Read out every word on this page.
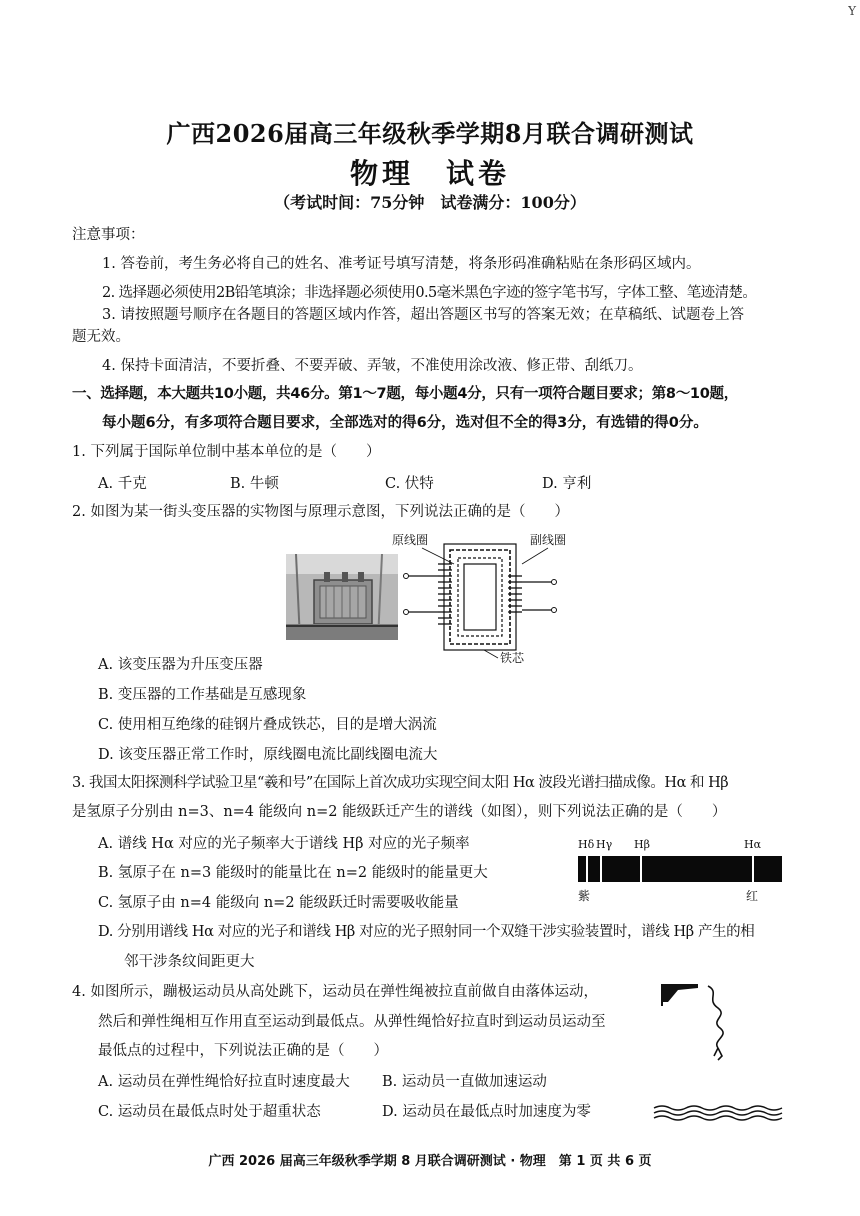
Y
广西2026届高三年级秋季学期8月联合调研测试
物理　试卷
（考试时间：75分钟　试卷满分：100分）
注意事项：
1. 答卷前，考生务必将自己的姓名、准考证号填写清楚，将条形码准确粘贴在条形码区域内。
2. 选择题必须使用2B铅笔填涂；非选择题必须使用0.5毫米黑色字迹的签字笔书写，字体工整、笔迹清楚。
3. 请按照题号顺序在各题目的答题区域内作答，超出答题区书写的答案无效；在草稿纸、试题卷上答
题无效。
4. 保持卡面清洁，不要折叠、不要弄破、弄皱，不准使用涂改液、修正带、刮纸刀。
一、选择题，本大题共10小题，共46分。第1～7题，每小题4分，只有一项符合题目要求；第8～10题，
每小题6分，有多项符合题目要求，全部选对的得6分，选对但不全的得3分，有选错的得0分。
1. 下列属于国际单位制中基本单位的是（　　）
A. 千克	B. 牛顿	C. 伏特	D. 亨利
2. 如图为某一街头变压器的实物图与原理示意图，下列说法正确的是（　　）
原线圈	副线圈
铁芯
A. 该变压器为升压变压器
B. 变压器的工作基础是互感现象
C. 使用相互绝缘的硅钢片叠成铁芯，目的是增大涡流
D. 该变压器正常工作时，原线圈电流比副线圈电流大
3. 我国太阳探测科学试验卫星“羲和号”在国际上首次成功实现空间太阳 Hα 波段光谱扫描成像。Hα 和 Hβ
是氢原子分别由 n=3、n=4 能级向 n=2 能级跃迁产生的谱线（如图），则下列说法正确的是（　　）
A. 谱线 Hα 对应的光子频率大于谱线 Hβ 对应的光子频率
B. 氢原子在 n=3 能级时的能量比在 n=2 能级时的能量更大
C. 氢原子由 n=4 能级向 n=2 能级跃迁时需要吸收能量
D. 分别用谱线 Hα 对应的光子和谱线 Hβ 对应的光子照射同一个双缝干涉实验装置时，谱线 Hβ 产生的相
邻干涉条纹间距更大
Hδ Hγ Hβ	Hα
紫	红
4. 如图所示，蹦极运动员从高处跳下，运动员在弹性绳被拉直前做自由落体运动，
然后和弹性绳相互作用直至运动到最低点。从弹性绳恰好拉直时到运动员运动至
最低点的过程中，下列说法正确的是（　　）
A. 运动员在弹性绳恰好拉直时速度最大 B. 运动员一直做加速运动
C. 运动员在最低点时处于超重状态	D. 运动员在最低点时加速度为零
广西 2026 届高三年级秋季学期 8 月联合调研测试 · 物理　第 1 页 共 6 页
